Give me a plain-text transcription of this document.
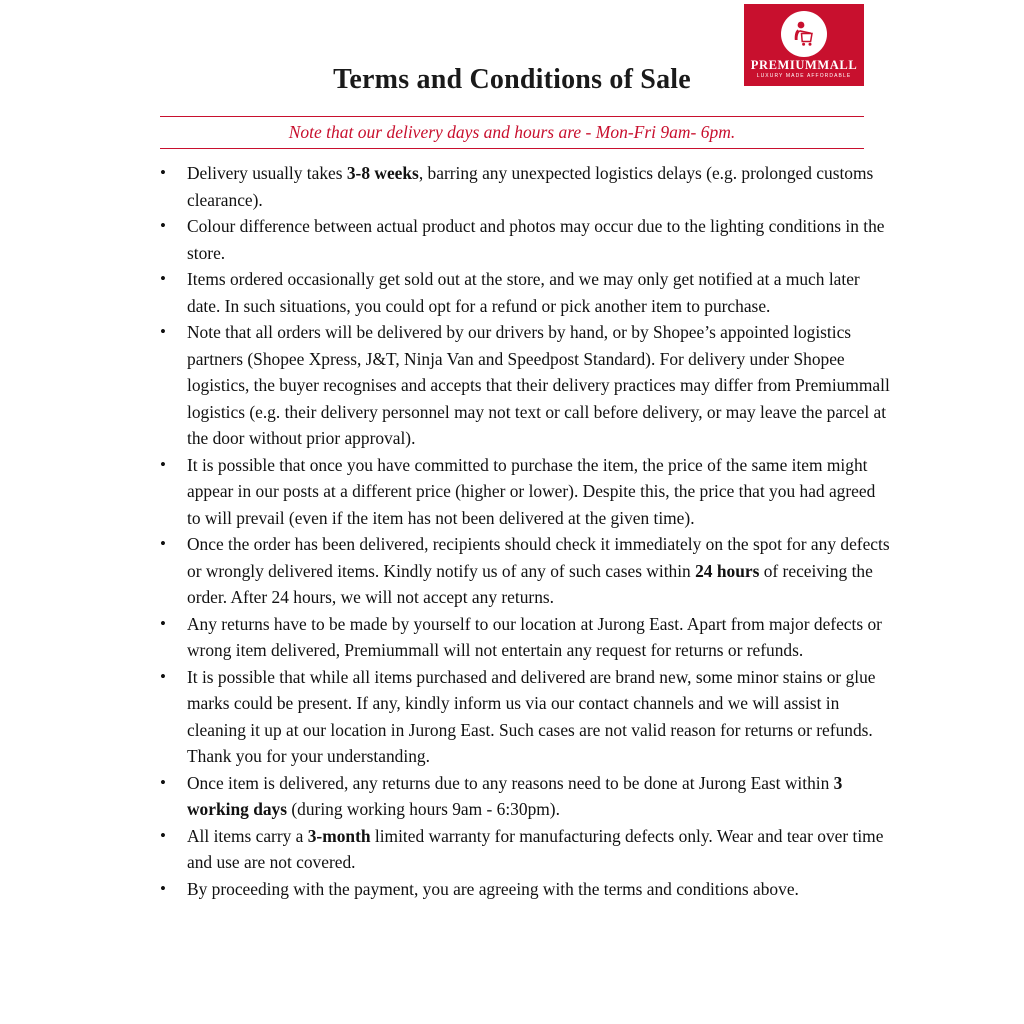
PREMIUMMALL
LUXURY MADE AFFORDABLE
Terms and Conditions of Sale
Note that our delivery days and hours are - Mon-Fri 9am- 6pm.
• Delivery usually takes 3-8 weeks, barring any unexpected logistics delays (e.g. prolonged customs clearance).
• Colour difference between actual product and photos may occur due to the lighting conditions in the store.
• Items ordered occasionally get sold out at the store, and we may only get notified at a much later date. In such situations, you could opt for a refund or pick another item to purchase.
• Note that all orders will be delivered by our drivers by hand, or by Shopee’s appointed logistics partners (Shopee Xpress, J&T, Ninja Van and Speedpost Standard). For delivery under Shopee logistics, the buyer recognises and accepts that their delivery practices may differ from Premiummall logistics (e.g. their delivery personnel may not text or call before delivery, or may leave the parcel at the door without prior approval).
• It is possible that once you have committed to purchase the item, the price of the same item might appear in our posts at a different price (higher or lower). Despite this, the price that you had agreed to will prevail (even if the item has not been delivered at the given time).
• Once the order has been delivered, recipients should check it immediately on the spot for any defects or wrongly delivered items. Kindly notify us of any of such cases within 24 hours of receiving the order. After 24 hours, we will not accept any returns.
• Any returns have to be made by yourself to our location at Jurong East. Apart from major defects or wrong item delivered, Premiummall will not entertain any request for returns or refunds.
• It is possible that while all items purchased and delivered are brand new, some minor stains or glue marks could be present. If any, kindly inform us via our contact channels and we will assist in cleaning it up at our location in Jurong East. Such cases are not valid reason for returns or refunds. Thank you for your understanding.
• Once item is delivered, any returns due to any reasons need to be done at Jurong East within 3 working days (during working hours 9am - 6:30pm).
• All items carry a 3-month limited warranty for manufacturing defects only. Wear and tear over time and use are not covered.
• By proceeding with the payment, you are agreeing with the terms and conditions above.
